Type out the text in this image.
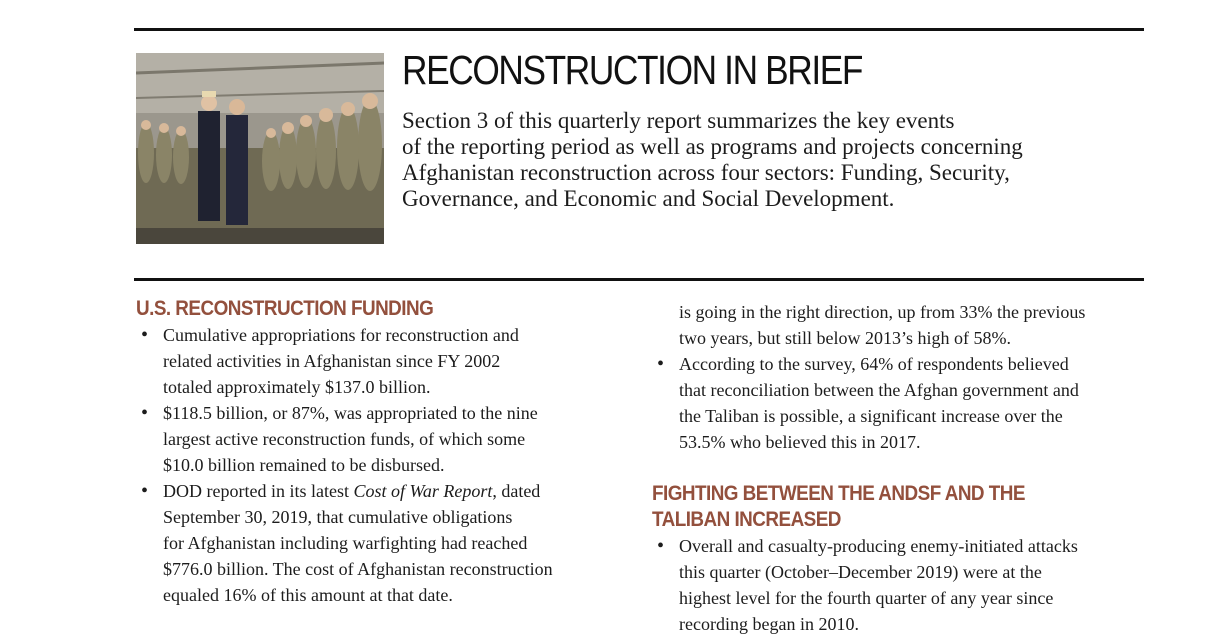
RECONSTRUCTION IN BRIEF

Section 3 of this quarterly report summarizes the key events
of the reporting period as well as programs and projects concerning
Afghanistan reconstruction across four sectors: Funding, Security,
Governance, and Economic and Social Development.

U.S. RECONSTRUCTION FUNDING
• Cumulative appropriations for reconstruction and
related activities in Afghanistan since FY 2002
totaled approximately $137.0 billion.
• $118.5 billion, or 87%, was appropriated to the nine
largest active reconstruction funds, of which some
$10.0 billion remained to be disbursed.
• DOD reported in its latest Cost of War Report, dated
September 30, 2019, that cumulative obligations
for Afghanistan including warfighting had reached
$776.0 billion. The cost of Afghanistan reconstruction
equaled 16% of this amount at that date.
is going in the right direction, up from 33% the previous
two years, but still below 2013’s high of 58%.
• According to the survey, 64% of respondents believed
that reconciliation between the Afghan government and
the Taliban is possible, a significant increase over the
53.5% who believed this in 2017.
FIGHTING BETWEEN THE ANDSF AND THE
TALIBAN INCREASED
• Overall and casualty-producing enemy-initiated attacks
this quarter (October–December 2019) were at the
highest level for the fourth quarter of any year since
recording began in 2010.
